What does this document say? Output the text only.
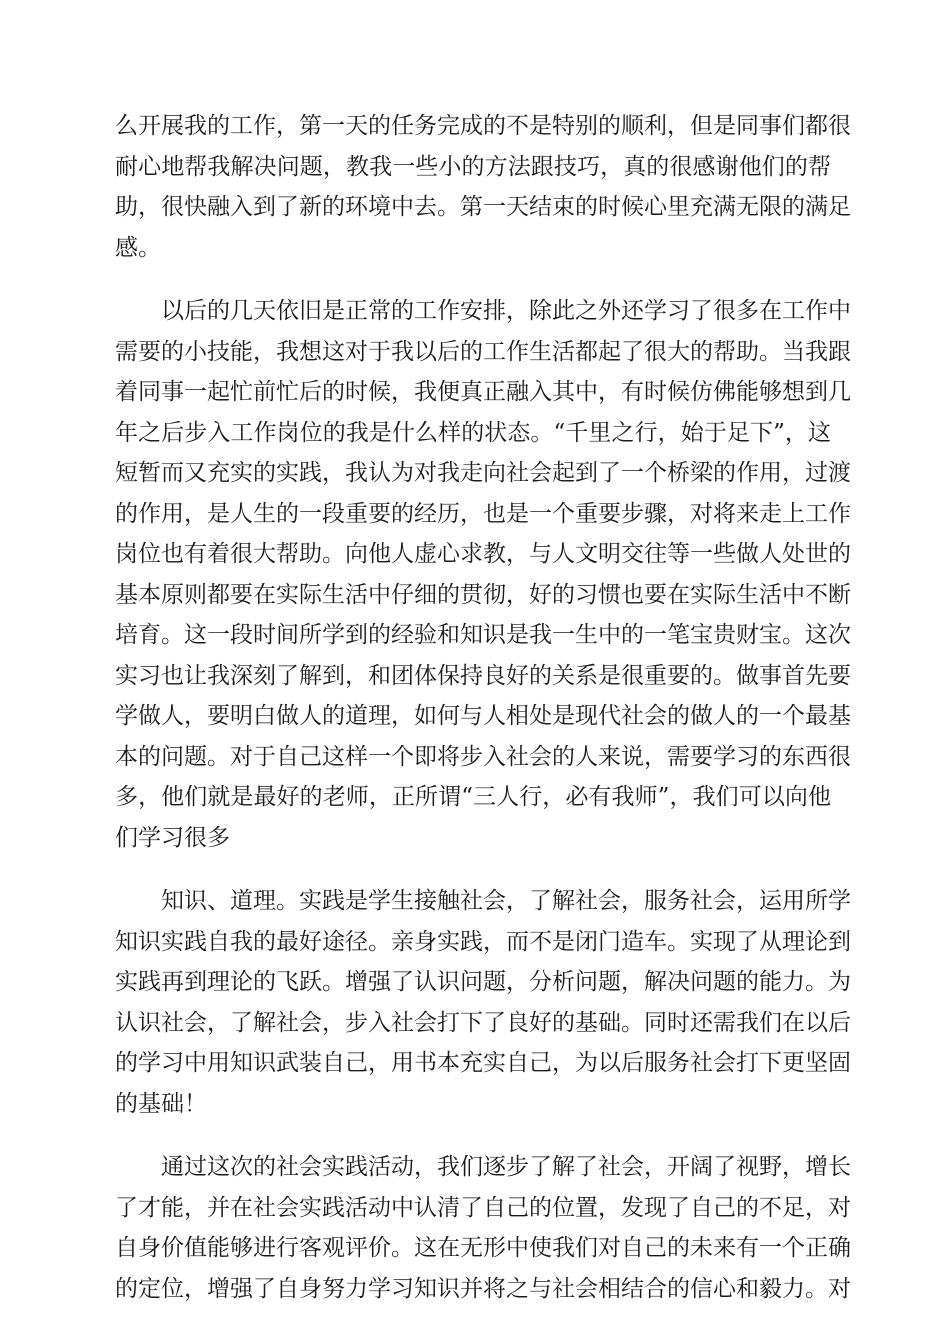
么开展我的工作，第一天的任务完成的不是特别的顺利，但是同事们都很
耐心地帮我解决问题，教我一些小的方法跟技巧，真的很感谢他们的帮
助，很快融入到了新的环境中去。第一天结束的时候心里充满无限的满足
感。
以后的几天依旧是正常的工作安排，除此之外还学习了很多在工作中
需要的小技能，我想这对于我以后的工作生活都起了很大的帮助。当我跟
着同事一起忙前忙后的时候，我便真正融入其中，有时候仿佛能够想到几
年之后步入工作岗位的我是什么样的状态。“千里之行，始于足下”，这
短暂而又充实的实践，我认为对我走向社会起到了一个桥梁的作用，过渡
的作用，是人生的一段重要的经历，也是一个重要步骤，对将来走上工作
岗位也有着很大帮助。向他人虚心求教，与人文明交往等一些做人处世的
基本原则都要在实际生活中仔细的贯彻，好的习惯也要在实际生活中不断
培育。这一段时间所学到的经验和知识是我一生中的一笔宝贵财宝。这次
实习也让我深刻了解到，和团体保持良好的关系是很重要的。做事首先要
学做人，要明白做人的道理，如何与人相处是现代社会的做人的一个最基
本的问题。对于自己这样一个即将步入社会的人来说，需要学习的东西很
多，他们就是最好的老师，正所谓“三人行，必有我师”，我们可以向他
们学习很多
知识、道理。实践是学生接触社会，了解社会，服务社会，运用所学
知识实践自我的最好途径。亲身实践，而不是闭门造车。实现了从理论到
实践再到理论的飞跃。增强了认识问题，分析问题，解决问题的能力。为
认识社会，了解社会，步入社会打下了良好的基础。同时还需我们在以后
的学习中用知识武装自己，用书本充实自己，为以后服务社会打下更坚固
的基础！
通过这次的社会实践活动，我们逐步了解了社会，开阔了视野，增长
了才能，并在社会实践活动中认清了自己的位置，发现了自己的不足，对
自身价值能够进行客观评价。这在无形中使我们对自己的未来有一个正确
的定位，增强了自身努力学习知识并将之与社会相结合的信心和毅力。对
